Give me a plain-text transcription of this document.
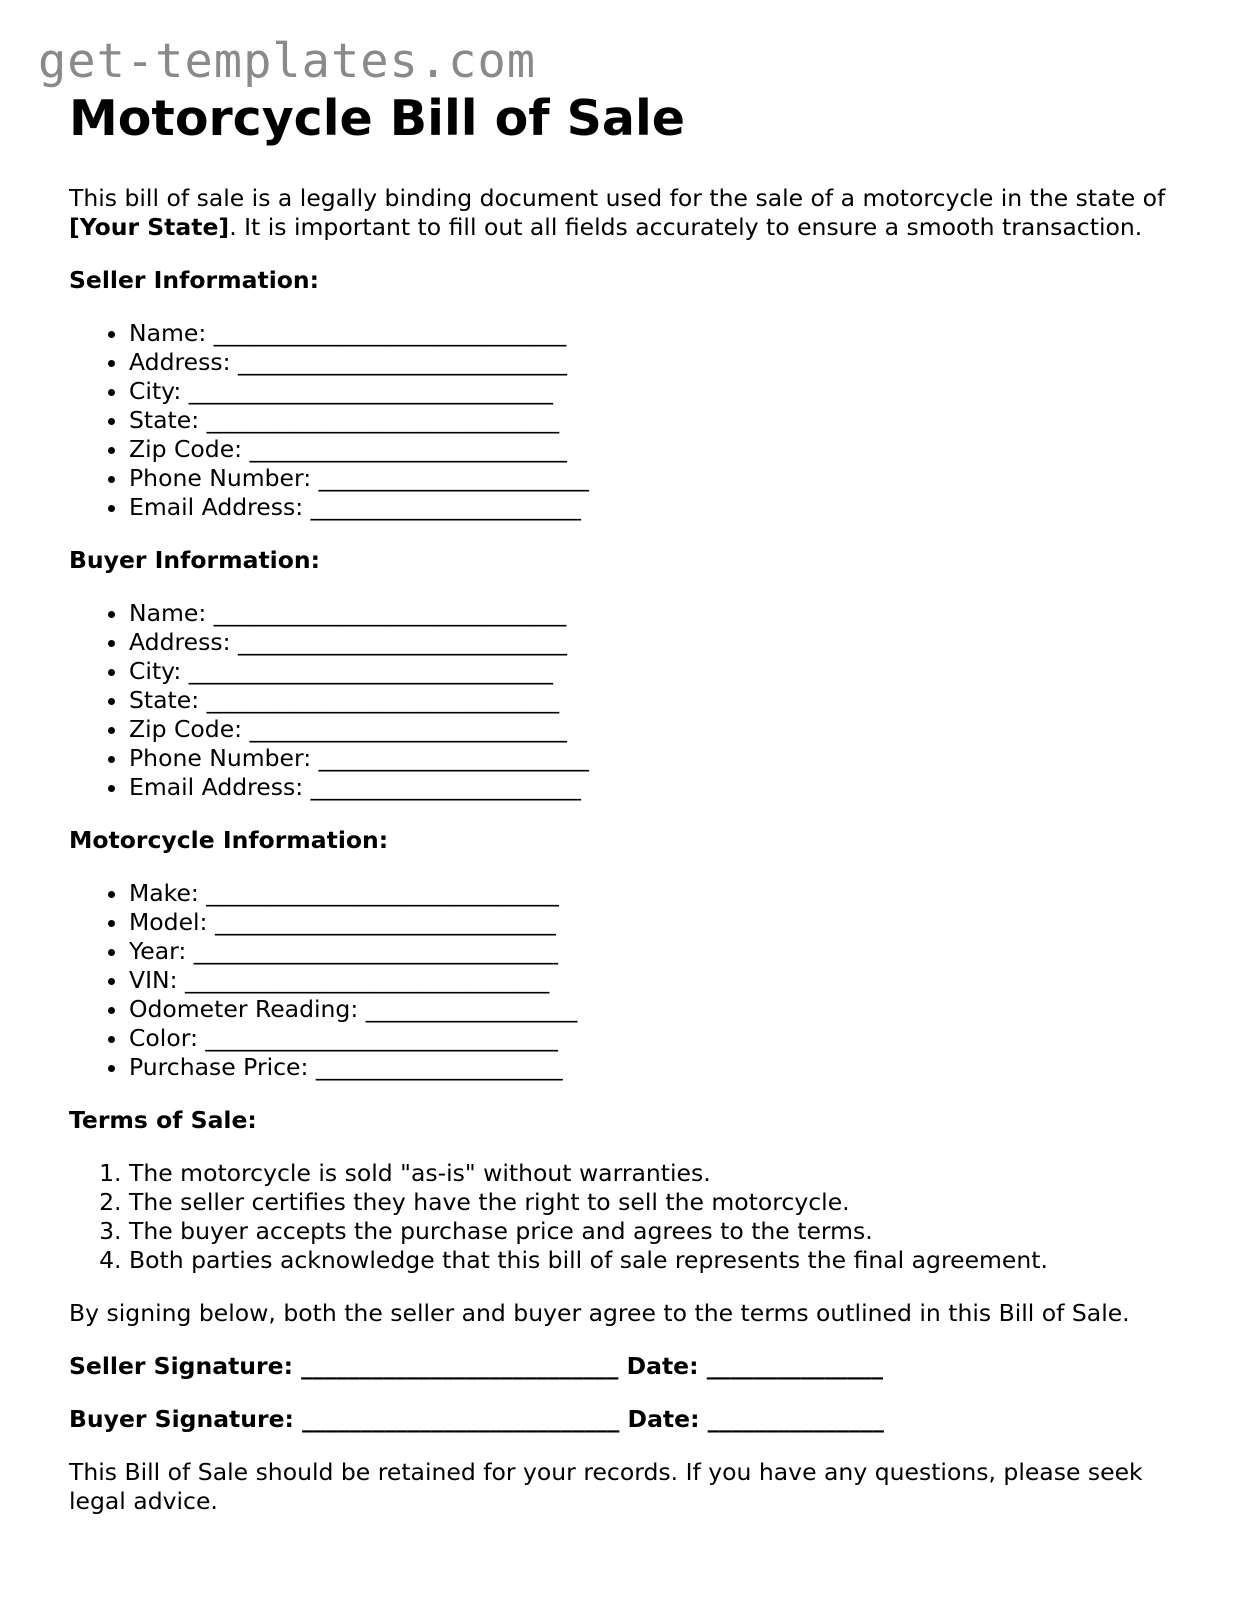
get-templates.com
Motorcycle Bill of Sale

This bill of sale is a legally binding document used for the sale of a motorcycle in the state of [Your State]. It is important to fill out all fields accurately to ensure a smooth transaction.

Seller Information:

• Name: ______________________________
• Address: ____________________________
• City: _______________________________
• State: ______________________________
• Zip Code: ___________________________
• Phone Number: _______________________
• Email Address: _______________________

Buyer Information:

• Name: ______________________________
• Address: ____________________________
• City: _______________________________
• State: ______________________________
• Zip Code: ___________________________
• Phone Number: _______________________
• Email Address: _______________________

Motorcycle Information:

• Make: ______________________________
• Model: _____________________________
• Year: _______________________________
• VIN: _______________________________
• Odometer Reading: __________________
• Color: ______________________________
• Purchase Price: _____________________

Terms of Sale:

1. The motorcycle is sold "as-is" without warranties.
2. The seller certifies they have the right to sell the motorcycle.
3. The buyer accepts the purchase price and agrees to the terms.
4. Both parties acknowledge that this bill of sale represents the final agreement.

By signing below, both the seller and buyer agree to the terms outlined in this Bill of Sale.

Seller Signature: ___________________________ Date: _______________

Buyer Signature: ___________________________ Date: _______________

This Bill of Sale should be retained for your records. If you have any questions, please seek legal advice.
